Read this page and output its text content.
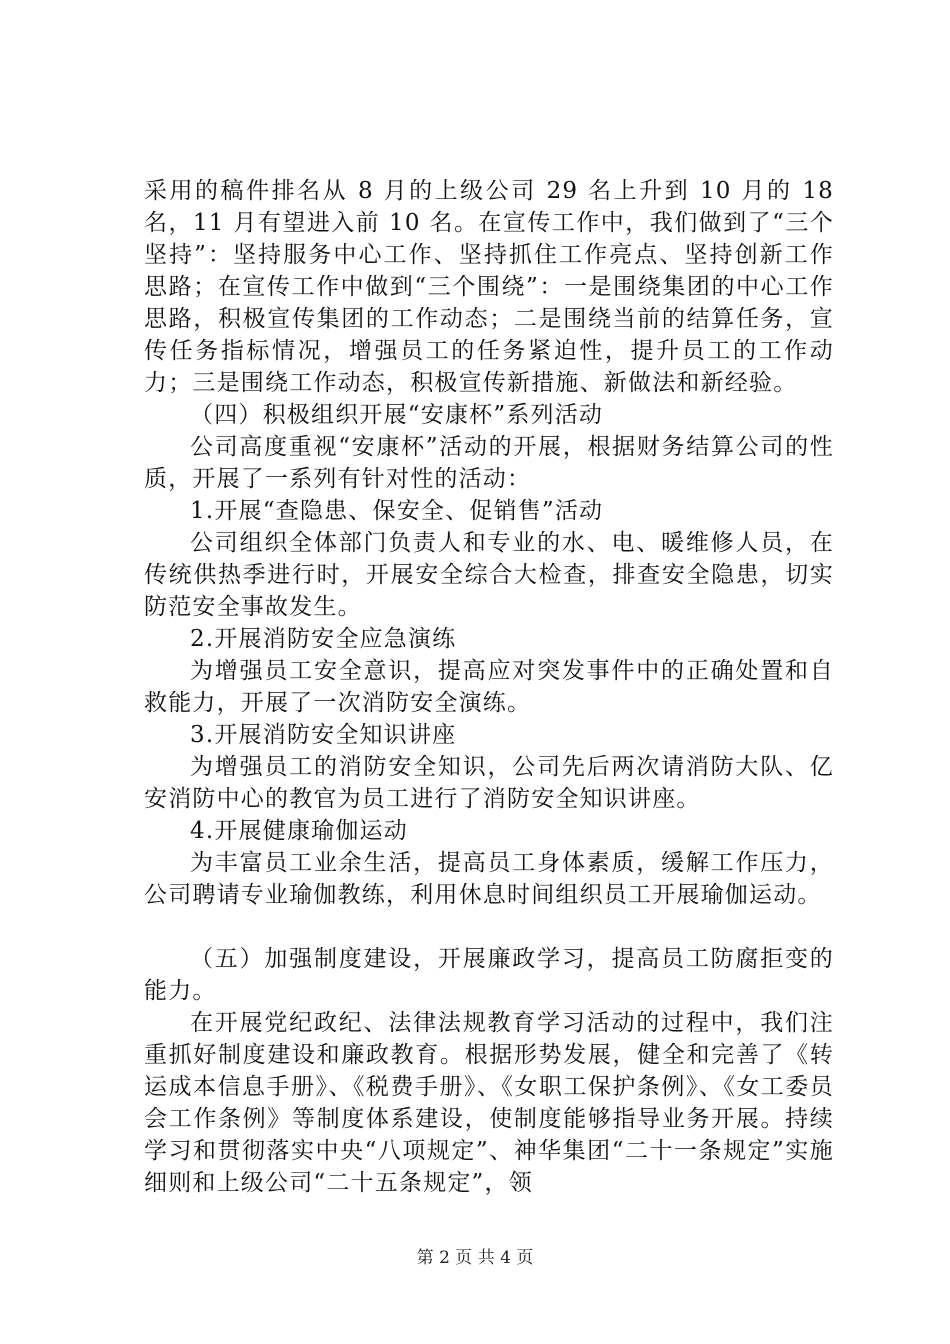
采用的稿件排名从 8 月的上级公司 29 名上升到 10 月的 18 名，11 月有望进入前 10 名。在宣传工作中，我们做到了“三个坚持”：坚持服务中心工作、坚持抓住工作亮点、坚持创新工作思路；在宣传工作中做到“三个围绕”：一是围绕集团的中心工作思路，积极宣传集团的工作动态；二是围绕当前的结算任务，宣传任务指标情况，增强员工的任务紧迫性，提升员工的工作动力；三是围绕工作动态，积极宣传新措施、新做法和新经验。

（四）积极组织开展“安康杯”系列活动

公司高度重视“安康杯”活动的开展，根据财务结算公司的性质，开展了一系列有针对性的活动：

1.开展“查隐患、保安全、促销售”活动

公司组织全体部门负责人和专业的水、电、暖维修人员，在传统供热季进行时，开展安全综合大检查，排查安全隐患，切实防范安全事故发生。

2.开展消防安全应急演练

为增强员工安全意识，提高应对突发事件中的正确处置和自救能力，开展了一次消防安全演练。

3.开展消防安全知识讲座

为增强员工的消防安全知识，公司先后两次请消防大队、亿安消防中心的教官为员工进行了消防安全知识讲座。

4.开展健康瑜伽运动

为丰富员工业余生活，提高员工身体素质，缓解工作压力，公司聘请专业瑜伽教练，利用休息时间组织员工开展瑜伽运动。

（五）加强制度建设，开展廉政学习，提高员工防腐拒变的能力。

在开展党纪政纪、法律法规教育学习活动的过程中，我们注重抓好制度建设和廉政教育。根据形势发展，健全和完善了《转运成本信息手册》、《税费手册》、《女职工保护条例》、《女工委员会工作条例》等制度体系建设，使制度能够指导业务开展。持续学习和贯彻落实中央“八项规定”、神华集团“二十一条规定”实施细则和上级公司“二十五条规定”，领

第 2 页 共 4 页
